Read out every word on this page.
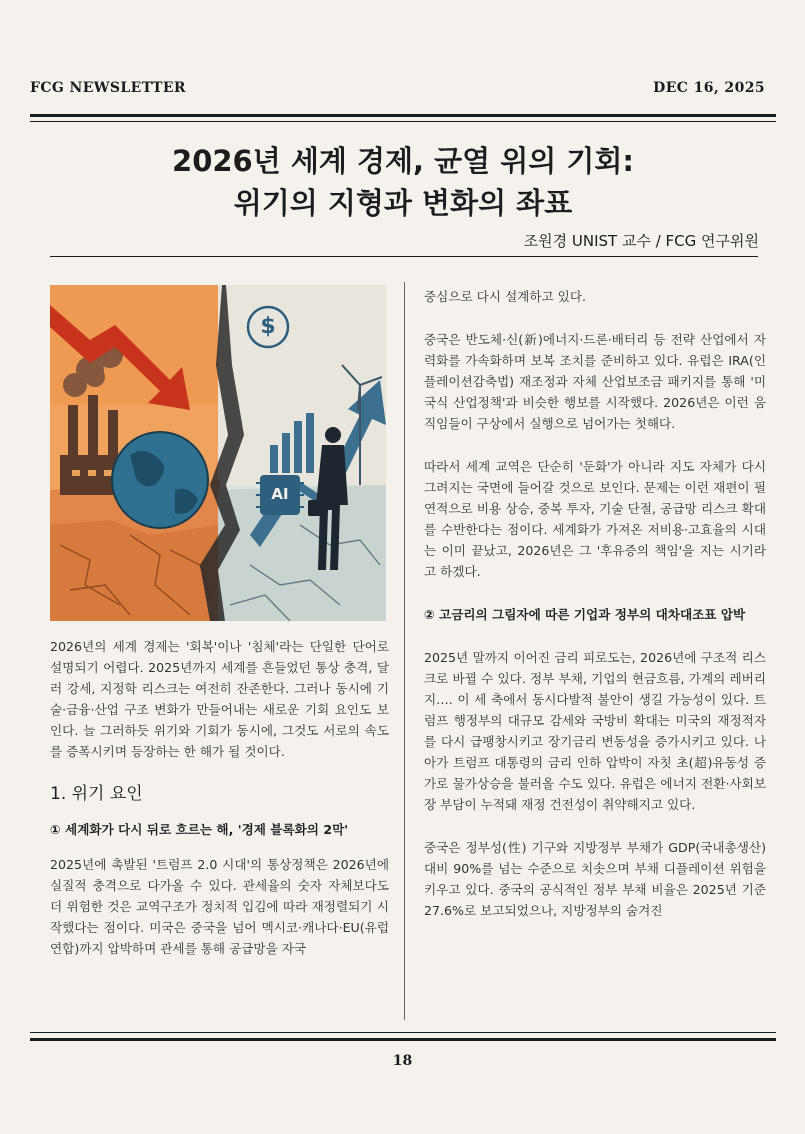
FCG NEWSLETTER	DEC 16, 2025
2026년 세계 경제, 균열 위의 기회:
위기의 지형과 변화의 좌표
조원경 UNIST 교수 / FCG 연구위원
$
AI

2026년의 세계 경제는 '회복'이나 '침체'라는 단일한 단어로 설명되기 어렵다. 2025년까지 세계를 흔들었던 통상 충격, 달러 강세, 지정학 리스크는 여전히 잔존한다. 그러나 동시에 기술·금융·산업 구조 변화가 만들어내는 새로운 기회 요인도 보인다. 늘 그러하듯 위기와 기회가 동시에, 그것도 서로의 속도를 증폭시키며 등장하는 한 해가 될 것이다.

1. 위기 요인

① 세계화가 다시 뒤로 흐르는 해, '경제 블록화의 2막'

2025년에 촉발된 '트럼프 2.0 시대'의 통상정책은 2026년에 실질적 충격으로 다가올 수 있다. 관세율의 숫자 자체보다도 더 위험한 것은 교역구조가 정치적 입김에 따라 재정렬되기 시작했다는 점이다. 미국은 중국을 넘어 멕시코·캐나다·EU(유럽연합)까지 압박하며 관세를 통해 공급망을 자국

중심으로 다시 설계하고 있다.

중국은 반도체·신(新)에너지·드론·배터리 등 전략 산업에서 자력화를 가속화하며 보복 조치를 준비하고 있다. 유럽은 IRA(인플레이션감축법) 재조정과 자체 산업보조금 패키지를 통해 '미국식 산업정책'과 비슷한 행보를 시작했다. 2026년은 이런 움직임들이 구상에서 실행으로 넘어가는 첫해다.

따라서 세계 교역은 단순히 '둔화'가 아니라 지도 자체가 다시 그려지는 국면에 들어갈 것으로 보인다. 문제는 이런 재편이 필연적으로 비용 상승, 중복 투자, 기술 단절, 공급망 리스크 확대를 수반한다는 점이다. 세계화가 가져온 저비용·고효율의 시대는 이미 끝났고, 2026년은 그 '후유증의 책임'을 지는 시기라고 하겠다.

② 고금리의 그림자에 따른 기업과 정부의 대차대조표 압박

2025년 말까지 이어진 금리 피로도는, 2026년에 구조적 리스크로 바뀔 수 있다. 정부 부채, 기업의 현금흐름, 가계의 레버리지…. 이 세 축에서 동시다발적 불안이 생길 가능성이 있다. 트럼프 행정부의 대규모 감세와 국방비 확대는 미국의 재정적자를 다시 급팽창시키고 장기금리 변동성을 증가시키고 있다. 나아가 트럼프 대통령의 금리 인하 압박이 자칫 초(超)유동성 증가로 물가상승을 불러올 수도 있다. 유럽은 에너지 전환·사회보장 부담이 누적돼 재정 건전성이 취약해지고 있다.

중국은 정부성(性) 기구와 지방정부 부채가 GDP(국내총생산) 대비 90%를 넘는 수준으로 치솟으며 부채 디플레이션 위험을 키우고 있다. 중국의 공식적인 정부 부채 비율은 2025년 기준 27.6%로 보고되었으나, 지방정부의 숨겨진

18
